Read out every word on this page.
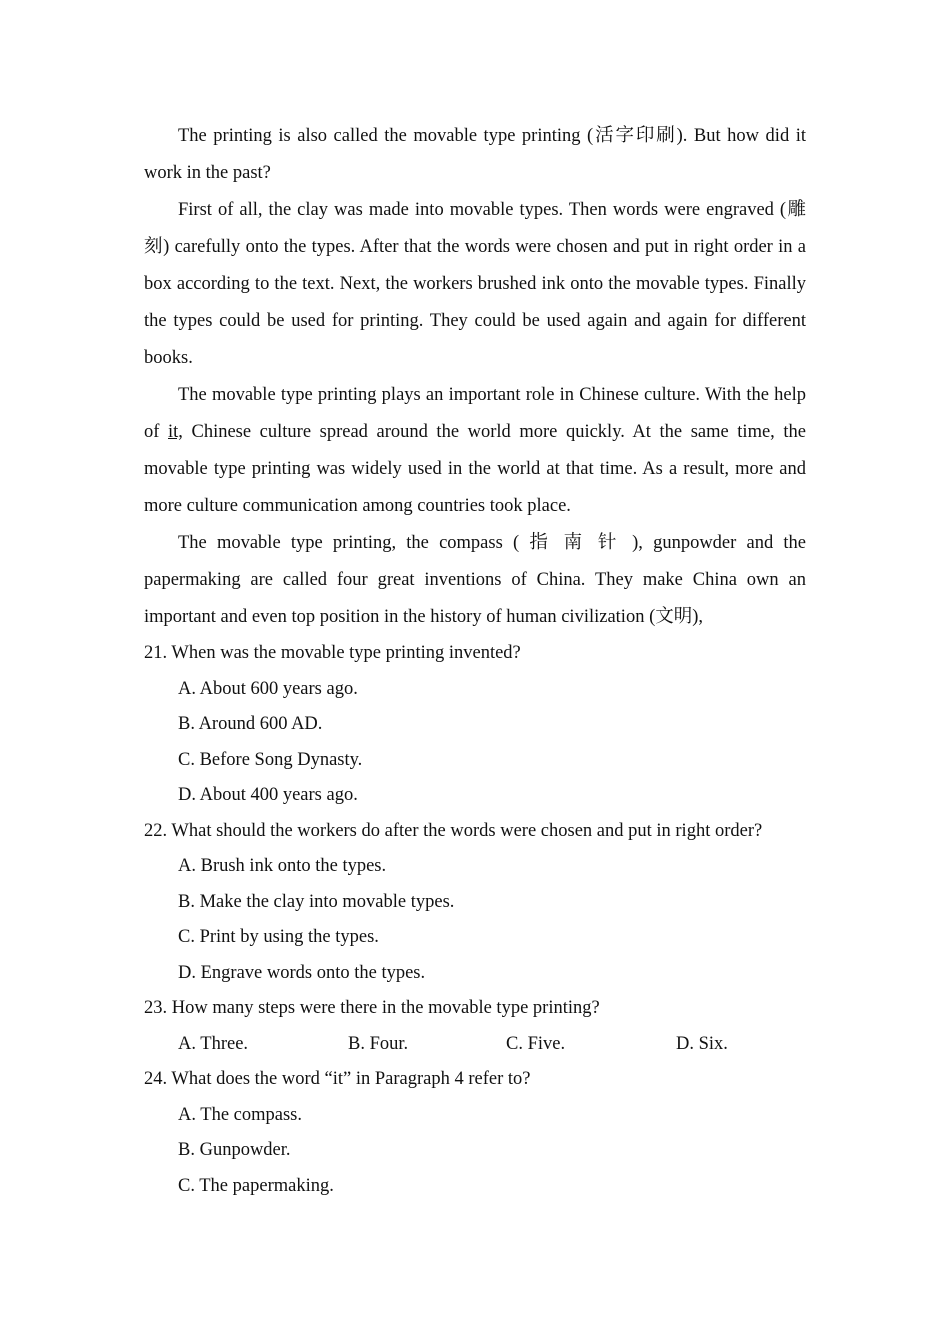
The printing is also called the movable type printing (活字印刷). But how did it work in the past?

First of all, the clay was made into movable types. Then words were engraved (雕刻) carefully onto the types. After that the words were chosen and put in right order in a box according to the text. Next, the workers brushed ink onto the movable types. Finally the types could be used for printing. They could be used again and again for different books.

The movable type printing plays an important role in Chinese culture. With the help of it, Chinese culture spread around the world more quickly. At the same time, the movable type printing was widely used in the world at that time. As a result, more and more culture communication among countries took place.

The movable type printing, the compass ( 指 南 针 ), gunpowder and the papermaking are called four great inventions of China. They make China own an important and even top position in the history of human civilization (文明),

21. When was the movable type printing invented?

A. About 600 years ago.

B. Around 600 AD.

C. Before Song Dynasty.

D. About 400 years ago.

22. What should the workers do after the words were chosen and put in right order?

A. Brush ink onto the types.

B. Make the clay into movable types.

C. Print by using the types.

D. Engrave words onto the types.

23. How many steps were there in the movable type printing?

A. Three.	B. Four.	C. Five.	D. Six.

24. What does the word “it” in Paragraph 4 refer to?

A. The compass.

B. Gunpowder.

C. The papermaking.
